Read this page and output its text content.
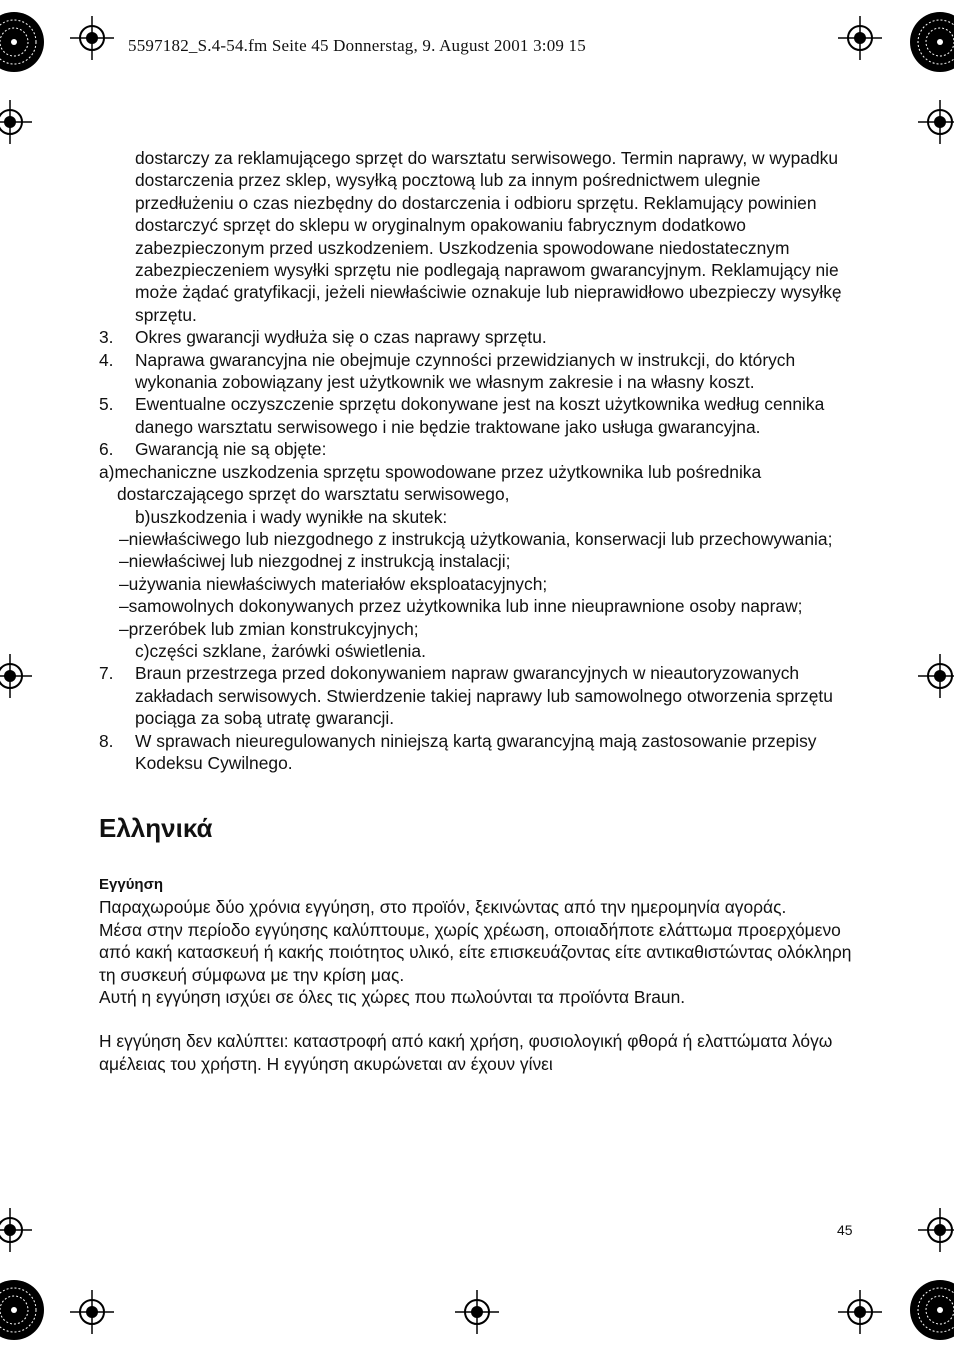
5597182_S.4-54.fm Seite 45 Donnerstag, 9. August 2001 3:09 15

dostarczy za reklamującego sprzęt do warsztatu serwisowego. Termin naprawy, w wypadku dostarczenia przez sklep, wysyłką pocztową lub za innym pośrednictwem ulegnie przedłużeniu o czas niezbędny do dostarczenia i odbioru sprzętu. Reklamujący powinien dostarczyć sprzęt do sklepu w oryginalnym opakowaniu fabrycznym dodatkowo zabezpieczonym przed uszkodzeniem. Uszkodzenia spowodowane niedostatecznym zabezpieczeniem wysyłki sprzętu nie podlegają naprawom gwarancyjnym. Reklamujący nie może żądać gratyfikacji, jeżeli niewłaściwie oznakuje lub nieprawidłowo ubezpieczy wysyłkę sprzętu.

3. Okres gwarancji wydłuża się o czas naprawy sprzętu.
4. Naprawa gwarancyjna nie obejmuje czynności przewidzianych w instrukcji, do których wykonania zobowiązany jest użytkownik we własnym zakresie i na własny koszt.
5. Ewentualne oczyszczenie sprzętu dokonywane jest na koszt użytkownika według cennika danego warsztatu serwisowego i nie będzie traktowane jako usługa gwarancyjna.
6. Gwarancją nie są objęte:
a)mechaniczne uszkodzenia sprzętu spowodowane przez użytkownika lub pośrednika dostarczającego sprzęt do warsztatu serwisowego,
b)uszkodzenia i wady wynikłe na skutek:
–niewłaściwego lub niezgodnego z instrukcją użytkowania, konserwacji lub przechowywania;
–niewłaściwej lub niezgodnej z instrukcją instalacji;
–używania niewłaściwych materiałów eksploatacyjnych;
–samowolnych dokonywanych przez użytkownika lub inne nieuprawnione osoby napraw;
–przeróbek lub zmian konstrukcyjnych;
c)części szklane, żarówki oświetlenia.
7. Braun przestrzega przed dokonywaniem napraw gwarancyjnych w nieautoryzowanych zakładach serwisowych. Stwierdzenie takiej naprawy lub samowolnego otworzenia sprzętu pociąga za sobą utratę gwarancji.
8. W sprawach nieuregulowanych niniejszą kartą gwarancyjną mają zastosowanie przepisy Kodeksu Cywilnego.
Ελληνικά
Εγγύηση

Παραχωρούμε δύο χρόνια εγγύηση, στο προϊόν, ξεκινώντας από την ημερομηνία αγοράς.

Μέσα στην περίοδο εγγύησης καλύπτουμε, χωρίς χρέωση, οποιαδήποτε ελάττωμα προερχόμενο από κακή κατασκευή ή κακής ποιότητος υλικό, είτε επισκευάζοντας είτε αντικαθιστώντας ολόκληρη τη συσκευή σύμφωνα με την κρίση μας.

Αυτή η εγγύηση ισχύει σε όλες τις χώρες που πωλούνται τα προϊόντα Braun.

Η εγγύηση δεν καλύπτει: καταστροφή από κακή χρήση, φυσιολογική φθορά ή ελαττώματα λόγω αμέλειας του χρήστη. Η εγγύηση ακυρώνεται αν έχουν γίνει

45
